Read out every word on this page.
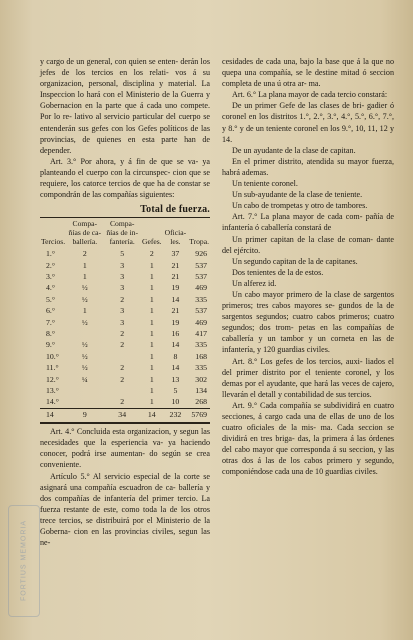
FORTIUS MEMORIA

y cargo de un general, con quien se enten- derán los jefes de los tercios en los relati- vos á su organizacion, personal, disciplina y material. La Inspeccion lo hará con el Ministerio de la Guerra y Gobernacion en la parte que á cada uno compete. Por lo re- lativo al servicio particular del cuerpo se entenderán sus gefes con los Gefes políticos de las provincias, de quienes en esta parte han de depender.

Art. 3.° Por ahora, y á fin de que se va- ya planteando el cuerpo con la circunspec- cion que se requiere, los catorce tercios de que ha de constar se compondrán de las compañías siguientes:

Total de fuerza.
Tercios.	Compa- ñías de ca- ballería.	Compa- ñías de in- fantería.	Gefes.	Oficia- les.	Tropa.
1.°	2	5	2	37	926
2.°	1	3	1	21	537
3.°	1	3	1	21	537
4.°	½	3	1	19	469
5.°	½	2	1	14	335
6.°	1	3	1	21	537
7.°	½	3	1	19	469
8.°		2	1	16	417
9.°	½	2	1	14	335
10.°	½		1	8	168
11.°	½	2	1	14	335
12.°	¼	2	1	13	302
13.°			1	5	134
14.°		2	1	10	268
14	9	34	14	232	5769

Art. 4.° Concluida esta organizacion, y segun las necesidades que la esperiencia va- ya haciendo conocer, podrá irse aumentan- do según se crea conveniente.

Artículo 5.° Al servicio especial de la corte se asignará una compañía escuadron de ca- ballería y dos compañías de infantería del primer tercio. La fuerza restante de este, como toda la de los otros trece tercios, se distribuirá por el Ministerio de la Goberna- cion en las provincias civiles, segun las ne-

cesidades de cada una, bajo la base que á la que no quepa una compañía, se le destine mitad ó seccion completa de una ú otra ar- ma.

Art. 6.° La plana mayor de cada tercio constará:

De un primer Gefe de las clases de bri- gadier ó coronel en los distritos 1.°, 2.°, 3.°, 4.°, 5.°, 6.°, 7.°, y 8.° y de un teniente coronel en los 9.°, 10, 11, 12 y 14.

De un ayudante de la clase de capitan.

En el primer distrito, atendida su mayor fuerza, habrá ademas.

Un teniente coronel.

Un sub-ayudante de la clase de teniente.

Un cabo de trompetas y otro de tambores.

Art. 7.° La plana mayor de cada com- pañía de infantería ó caballería constará de

Un primer capitan de la clase de coman- dante del ejército.

Un segundo capitan de la de capitanes.

Dos tenientes de la de estos.

Un alferez id.

Un cabo mayor primero de la clase de sargentos primeros; tres cabos mayores se- gundos de la de sargentos segundos; cuatro cabos primeros; cuatro segundos; dos trom- petas en las compañías de caballería y un tambor y un corneta en las de infantería, y 120 guardias civiles.

Art. 8.° Los gefes de los tercios, auxi- liados el del primer distrito por el teniente coronel, y los demas por el ayudante, que hará las veces de cajero, llevarán el detall y contabilidad de sus tercios.

Art. 9.° Cada compañía se subdividirá en cuatro secciones, á cargo cada una de ellas de uno de los cuatro oficiales de la mis- ma. Cada seccion se dividirá en tres briga- das, la primera á las órdenes del cabo mayor que corresponda á su seccion, y las otras dos á las de los cabos primero y segundo, componiéndose cada una de 10 guardias civiles.
